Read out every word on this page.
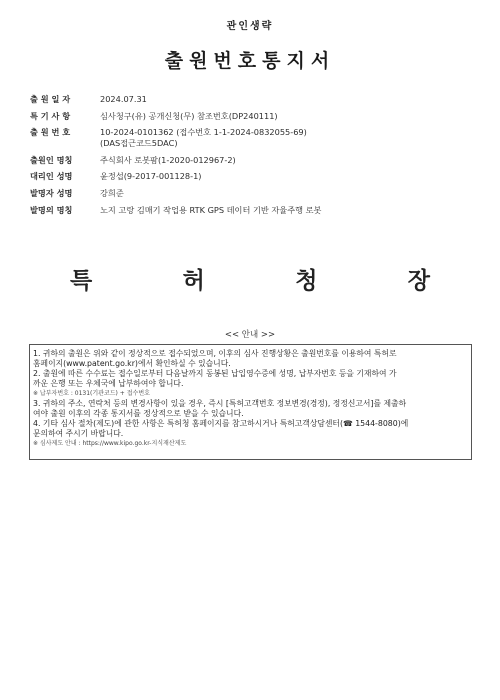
관인생략
출원번호통지서
출 원 일 자	2024.07.31
특 기 사 항	심사청구(유) 공개신청(무) 참조번호(DP240111)
출 원 번 호	10-2024-0101362 (접수번호 1-1-2024-0832055-69)
(DAS접근코드5DAC)
출원인 명칭	주식회사 로봇팜(1-2020-012967-2)
대리인 성명	윤정섭(9-2017-001128-1)
발명자 성명	강희준
발명의 명칭	노지 고랑 김매기 작업용 RTK GPS 데이터 기반 자율주행 로봇
특	허	청	장
<< 안내 >>

1. 귀하의 출원은 위와 같이 정상적으로 접수되었으며, 이후의 심사 진행상황은 출원번호를 이용하여 특허로

홈페이지(www.patent.go.kr)에서 확인하실 수 있습니다.

2. 출원에 따른 수수료는 접수일로부터 다음날까지 동봉된 납입영수증에 성명, 납부자번호 등을 기재하여 가

까운 은행 또는 우체국에 납부하여야 합니다.

※ 납부자번호 : 0131(기관코드) + 접수번호

3. 귀하의 주소, 연락처 등의 변경사항이 있을 경우, 즉시 [특허고객번호 정보변경(경정), 정정신고서]를 제출하

여야 출원 이후의 각종 통지서를 정상적으로 받을 수 있습니다.

4. 기타 심사 절차(제도)에 관한 사항은 특허청 홈페이지를 참고하시거나 특허고객상담센터(☎ 1544-8080)에

문의하여 주시기 바랍니다.

※ 심사제도 안내 : https://www.kipo.go.kr-지식재산제도
